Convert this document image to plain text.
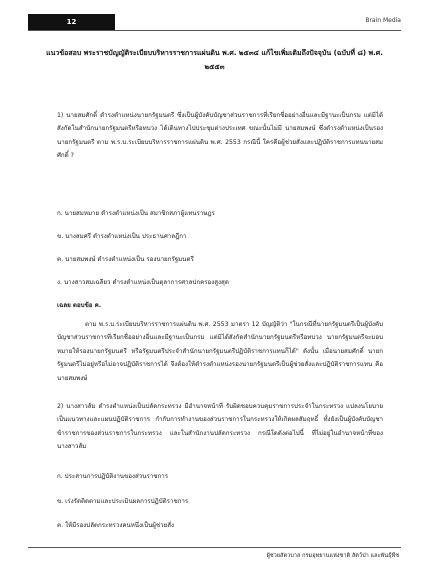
12	Brain Media
แนวข้อสอบ พระราชบัญญัติระเบียบบริหารราชการแผ่นดิน พ.ศ. ๒๕๓๔ แก้ไขเพิ่มเติมถึงปัจจุบัน (ฉบับที่ ๘) พ.ศ. ๒๕๕๓
1) นายสมศักดิ์ ดำรงตำแหน่งนายกรัฐมนตรี ซึ่งเป็นผู้บังคับบัญชาส่วนราชการที่เรียกชื่ออย่างอื่นและมีฐานะเป็นกรม แต่มิได้สังกัดในสำนักนายกรัฐมนตรีหรือทบวง ได้เดินทางไปประชุมต่างประเทศ ขณะนั้นไม่มี นายสมพงษ์ ซึ่งดำรงตำแหน่งเป็นรองนายกรัฐมนตรี ตาม พ.ร.บ.ระเบียบบริหารราชการแผ่นดิน พ.ศ. 2553 กรณีนี้ ใครคือผู้ช่วยสั่งและปฏิบัติราชการแทนนายสมศักดิ์ ?
ก. นายสมหมาย ดำรงตำแหน่งเป็น สมาชิกสภาผู้แทนราษฎร
ข. นางสมศรี ดำรงตำแหน่งเป็น ประธานศาลฎีกา
ค. นายสมพงษ์ ดำรงตำแหน่งเป็น รองนายกรัฐมนตรี
ง. นางสาวสมเฉลียว ดำรงตำแหน่งเป็นตุลาการศาลปกครองสูงสุด
เฉลย ตอบข้อ ค.
ตาม พ.ร.บ.ระเบียบบริหารราชการแผ่นดิน พ.ศ. 2553 มาตรา 12 บัญญัติว่า "ในกรณีที่นายกรัฐมนตรีเป็นผู้บังคับบัญชาส่วนราชการที่เรียกชื่ออย่างอื่นและมีฐานะเป็นกรม แต่มิได้สังกัดสำนักนายกรัฐมนตรีหรือทบวง นายกรัฐมนตรีจะมอบหมายให้รองนายกรัฐมนตรี หรือรัฐมนตรีประจำสำนักนายกรัฐมนตรีปฏิบัติราชการแทนก็ได้" ดังนั้น เมื่อนายสมศักดิ์ นายกรัฐมนตรีไม่อยู่หรือไม่อาจปฏิบัติราชการได้ จึงต้องให้ดำรงตำแหน่งรองนายกรัฐมนตรีเป็นผู้ช่วยสั่งและปฏิบัติราชการแทน คือนายสมพงษ์
2) นางสาวส้ม ดำรงตำแหน่งเป็นปลัดกระทรวง มีอำนาจหน้าที่ รับผิดชอบควบคุมราชการประจำในกระทรวง แปลงนโยบายเป็นแนวทางและแผนปฏิบัติราชการ กำกับการทำงานของส่วนราชการในกระทรวงให้เกิดผลสัมฤทธิ์ ทั้งยังเป็นผู้บังคับบัญชาข้าราชการของส่วนราชการในกระทรวง และในสำนักงานปลัดกระทรวง กรณีใดดังต่อไปนี้ ที่ไม่อยู่ในอำนาจหน้าที่ของนางสาวส้ม
ก. ประสานการปฏิบัติงานของส่วนราชการ
ข. เร่งรัดติดตามและประเมินผลการปฏิบัติราชการ
ค. ให้มีรองปลัดกระทรวงคนหนึ่งเป็นผู้ช่วยสั่ง
ผู้ช่วยสัตวบาล กรมอุทยานแห่งชาติ สัตว์ป่า และพันธุ์พืช
